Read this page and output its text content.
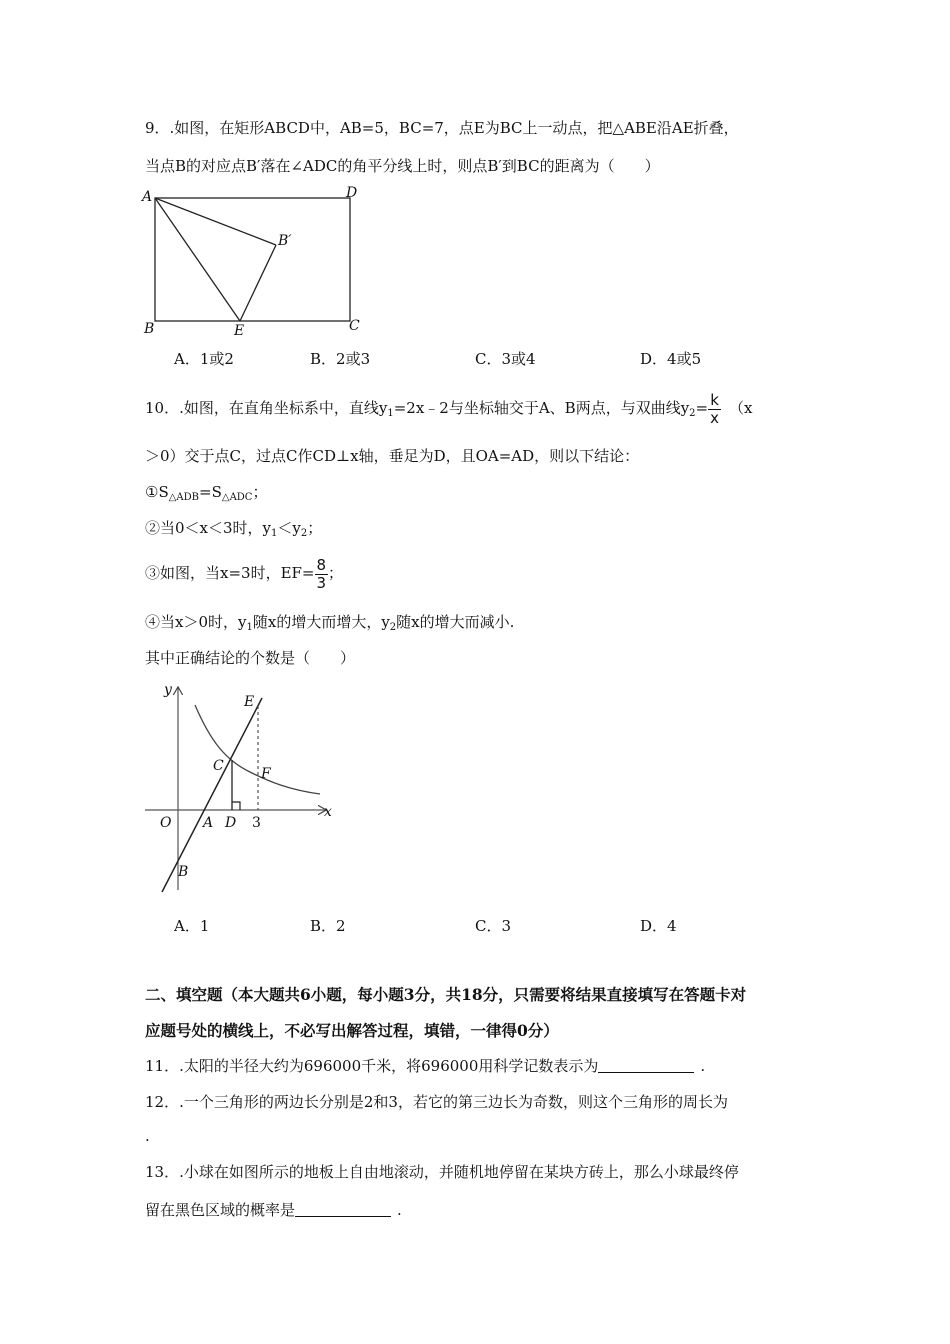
9．.如图，在矩形ABCD中，AB=5，BC=7，点E为BC上一动点，把△ABE沿AE折叠，
当点B的对应点B′落在∠ADC的角平分线上时，则点B′到BC的距离为（　　）
A	D
B′
B	E	C
A．1或2	B．2或3	C．3或4	D．4或5
10．.如图，在直角坐标系中，直线$y_1=2x﹣2$与坐标轴交于A、B两点，与双曲线$y_2= \frac{k}{x} (x$
＞0）交于点C，过点C作CD⊥x轴，垂足为D，且OA=AD，则以下结论：
$①S_{\triangle ADB}=S_{\triangle ADC}$；
②当0＜x＜3时，$y_1<y_2$；
③如图，当x=3时，$EF= \frac{8}{3}$ ；
④当x＞0时，$y_1$随x的增大而增大，$y_2$随x的增大而减小.
其中正确结论的个数是（　　）
y
E
C	F
O A D 3
x
B
A．1	B．2	C．3	D．4
二、填空题（本大题共6小题，每小题3分，共18分，只需要将结果直接填写在答题卡对
应题号处的横线上，不必写出解答过程，填错，一律得0分）
11．.太阳的半径大约为696000千米，将696000用科学记数表示为	.
12．.一个三角形的两边长分别是2和3，若它的第三边长为奇数，则这个三角形的周长为
.
13．.小球在如图所示的地板上自由地滚动，并随机地停留在某块方砖上，那么小球最终停
留在黑色区域的概率是	.
